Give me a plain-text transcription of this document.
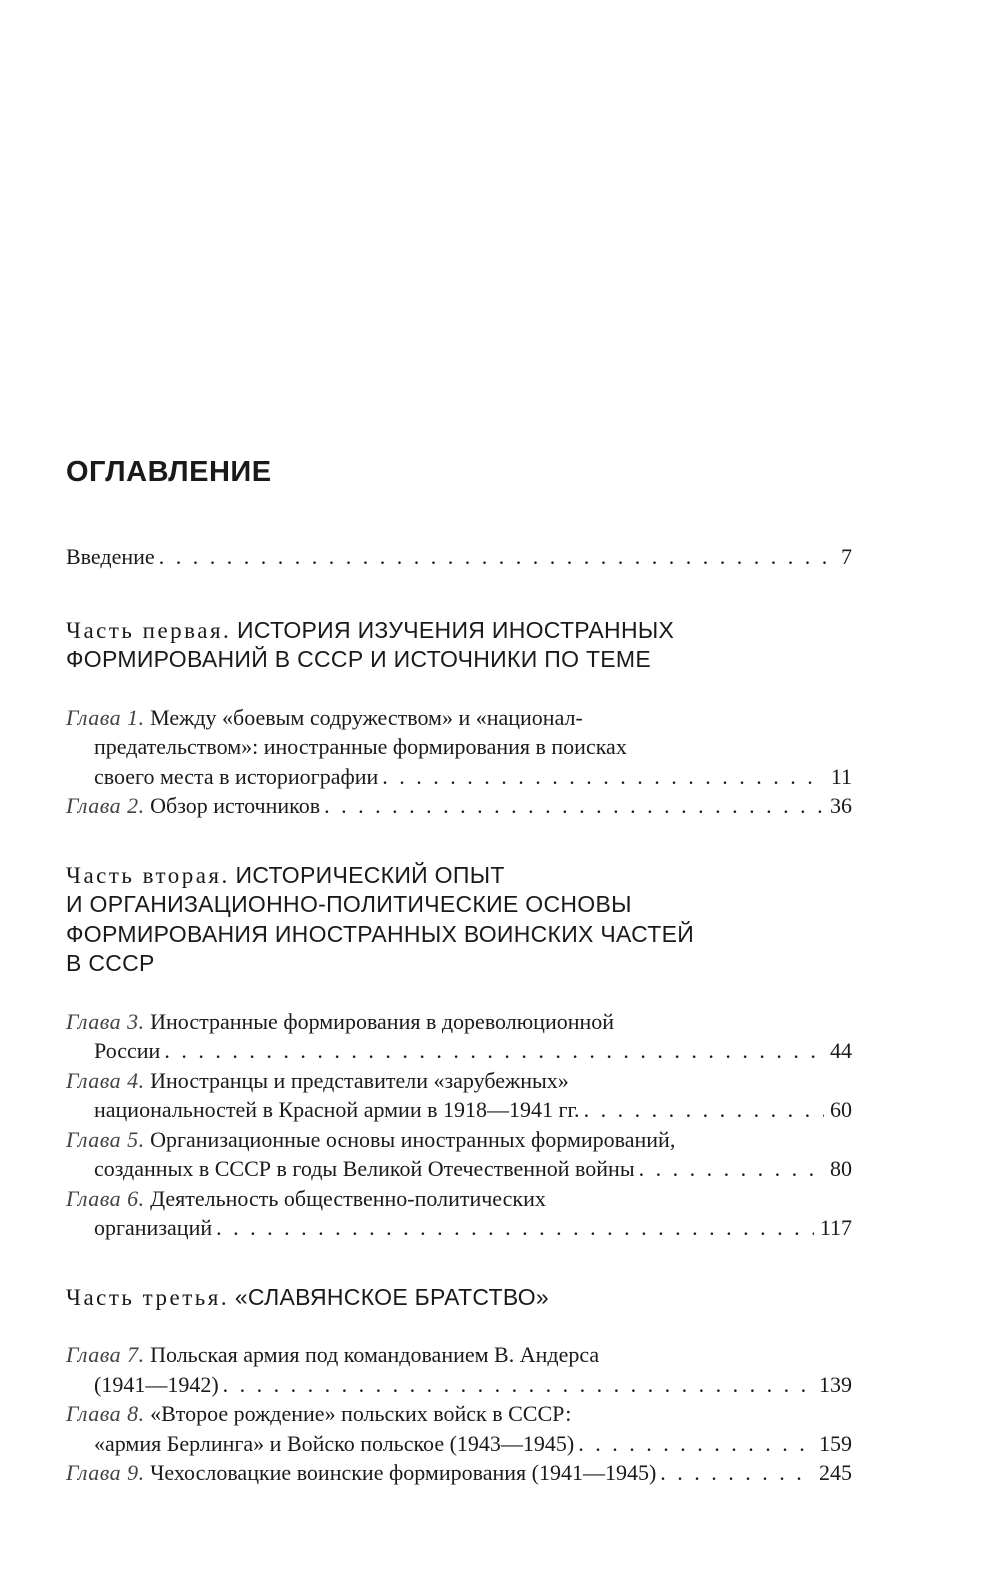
ОГЛАВЛЕНИЕ
Введение . . .	7
Часть первая. ИСТОРИЯ ИЗУЧЕНИЯ ИНОСТРАННЫХ
ФОРМИРОВАНИЙ В СССР И ИСТОЧНИКИ ПО ТЕМЕ
Глава 1. Между «боевым содружеством» и «национал-
предательством»: иностранные формирования в поисках
своего места в историографии . . .	11
Глава 2. Обзор источников . . .	36
Часть вторая. ИСТОРИЧЕСКИЙ ОПЫТ
И ОРГАНИЗАЦИОННО-ПОЛИТИЧЕСКИЕ ОСНОВЫ
ФОРМИРОВАНИЯ ИНОСТРАННЫХ ВОИНСКИХ ЧАСТЕЙ
В СССР
Глава 3. Иностранные формирования в дореволюционной
России . . .	44
Глава 4. Иностранцы и представители «зарубежных»
национальностей в Красной армии в 1918—1941 гг. . . .	60
Глава 5. Организационные основы иностранных формирований,
созданных в СССР в годы Великой Отечественной войны . . .	80
Глава 6. Деятельность общественно-политических
организаций . . .	117
Часть третья. «СЛАВЯНСКОЕ БРАТСТВО»
Глава 7. Польская армия под командованием В. Андерса
(1941—1942) . . .	139
Глава 8. «Второе рождение» польских войск в СССР:
«армия Берлинга» и Войско польское (1943—1945) . . .	159
Глава 9. Чехословацкие воинские формирования (1941—1945) . . .	245
